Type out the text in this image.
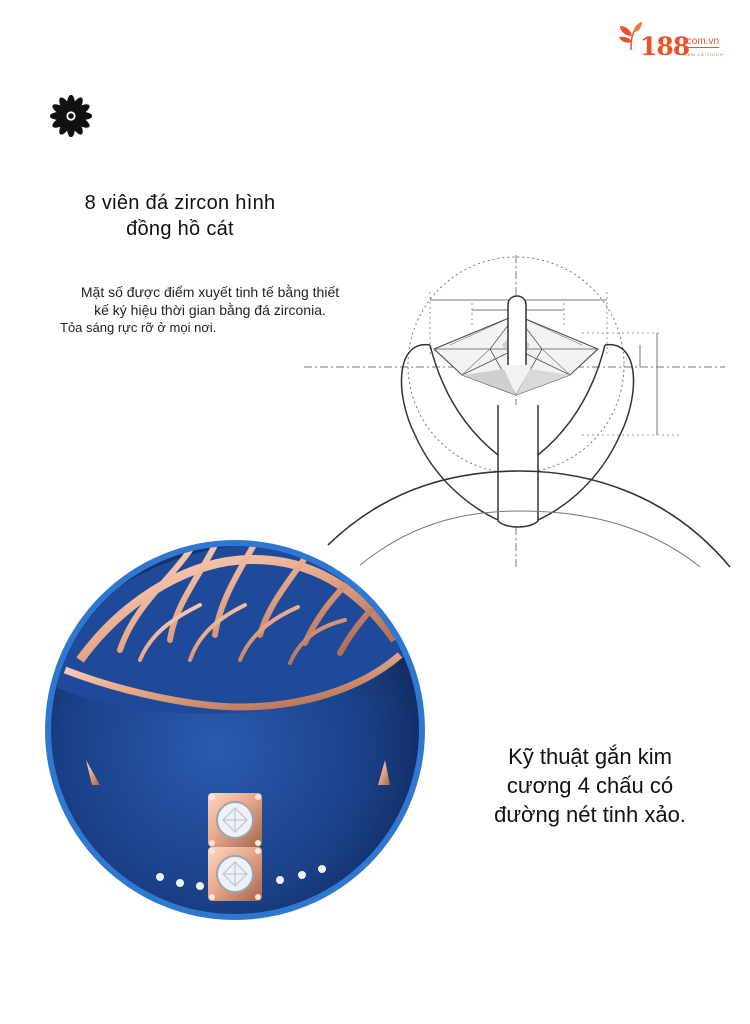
188
.com.vn
XEM LÀ THÍCH
8 viên đá zircon hình
đồng hồ cát
Mặt số được điểm xuyết tinh tế bằng thiết
kế ký hiệu thời gian bằng đá zirconia.
Tỏa sáng rực rỡ ở mọi nơi.
Kỹ thuật gắn kim
cương 4 chấu có
đường nét tinh xảo.
